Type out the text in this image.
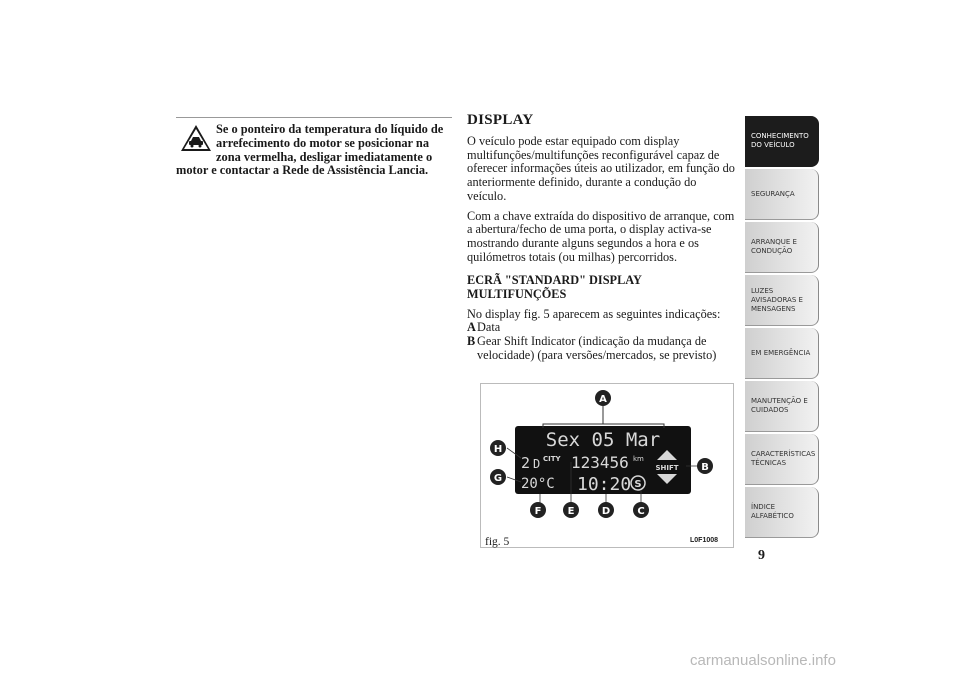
Se o ponteiro da temperatura do líquido de arrefecimento do motor se posicionar na zona vermelha, desligar imediatamente o motor e contactar a Rede de Assistência Lancia.

DISPLAY

O veículo pode estar equipado com display multifunções/multifunções reconfigurável capaz de oferecer informações úteis ao utilizador, em função do anteriormente definido, durante a condução do veículo.

Com a chave extraída do dispositivo de arranque, com a abertura/fecho de uma porta, o display activa-se mostrando durante alguns segundos a hora e os quilómetros totais (ou milhas) percorridos.

ECRÃ "STANDARD" DISPLAY MULTIFUNÇÕES

No display fig. 5 aparecem as seguintes indicações:

AData

B Gear Shift Indicator (indicação da mudança de velocidade) (para versões/mercados, se previsto)

Sex 05 Mar
2 D CITY 123456 km
20°C 10:20 S
SHIFT
A
B
C
D
E
F
G
H
fig. 5	L0F1008
CONHECIMENTO DO VEÍCULO
SEGURANÇA
ARRANQUE E CONDUÇÃO
LUZES AVISADORAS E MENSAGENS
EM EMERGÊNCIA
MANUTENÇÃO E CUIDADOS
CARACTERÍSTICAS TÉCNICAS
ÍNDICE ALFABÉTICO
9
carmanualsonline.info
